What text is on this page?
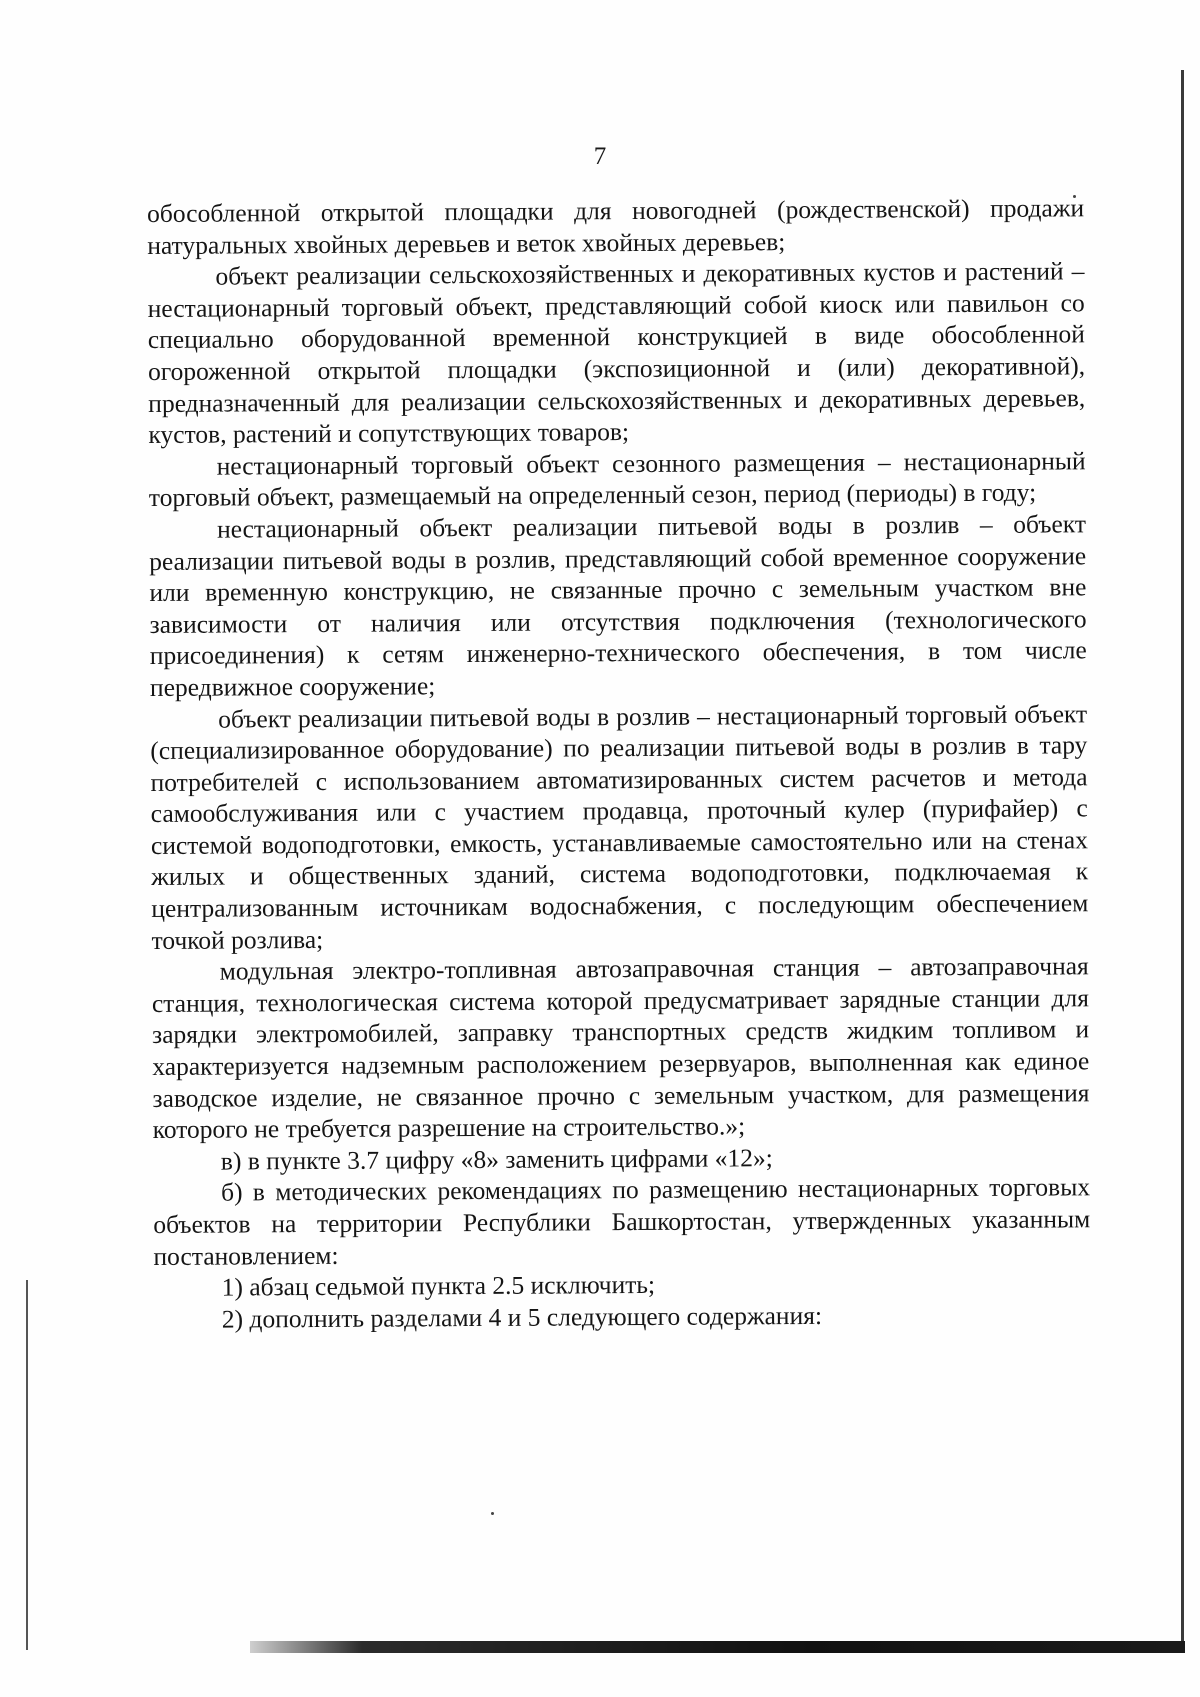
7

обособленной открытой площадки для новогодней (рождественской) продажи натуральных хвойных деревьев и веток хвойных деревьев;

объект реализации сельскохозяйственных и декоративных кустов и растений – нестационарный торговый объект, представляющий собой киоск или павильон со специально оборудованной временной конструкцией в виде обособленной огороженной открытой площадки (экспозиционной и (или) декоративной), предназначенный для реализации сельскохозяйственных и декоративных деревьев, кустов, растений и сопутствующих товаров;

нестационарный торговый объект сезонного размещения – нестационарный торговый объект, размещаемый на определенный сезон, период (периоды) в году;

нестационарный объект реализации питьевой воды в розлив – объект реализации питьевой воды в розлив, представляющий собой временное сооружение или временную конструкцию, не связанные прочно с земельным участком вне зависимости от наличия или отсутствия подключения (технологического присоединения) к сетям инженерно-технического обеспечения, в том числе передвижное сооружение;

объект реализации питьевой воды в розлив – нестационарный торговый объект (специализированное оборудование) по реализации питьевой воды в розлив в тару потребителей с использованием автоматизированных систем расчетов и метода самообслуживания или с участием продавца, проточный кулер (пурифайер) с системой водоподготовки, емкость, устанавливаемые самостоятельно или на стенах жилых и общественных зданий, система водоподготовки, подключаемая к централизованным источникам водоснабжения, с последующим обеспечением точкой розлива;

модульная электро-топливная автозаправочная станция – автозаправочная станция, технологическая система которой предусматривает зарядные станции для зарядки электромобилей, заправку транспортных средств жидким топливом и характеризуется надземным расположением резервуаров, выполненная как единое заводское изделие, не связанное прочно с земельным участком, для размещения которого не требуется разрешение на строительство.»;

в) в пункте 3.7 цифру «8» заменить цифрами «12»;

б) в методических рекомендациях по размещению нестационарных торговых объектов на территории Республики Башкортостан, утвержденных указанным постановлением:

1) абзац седьмой пункта 2.5 исключить;

2) дополнить разделами 4 и 5 следующего содержания:
